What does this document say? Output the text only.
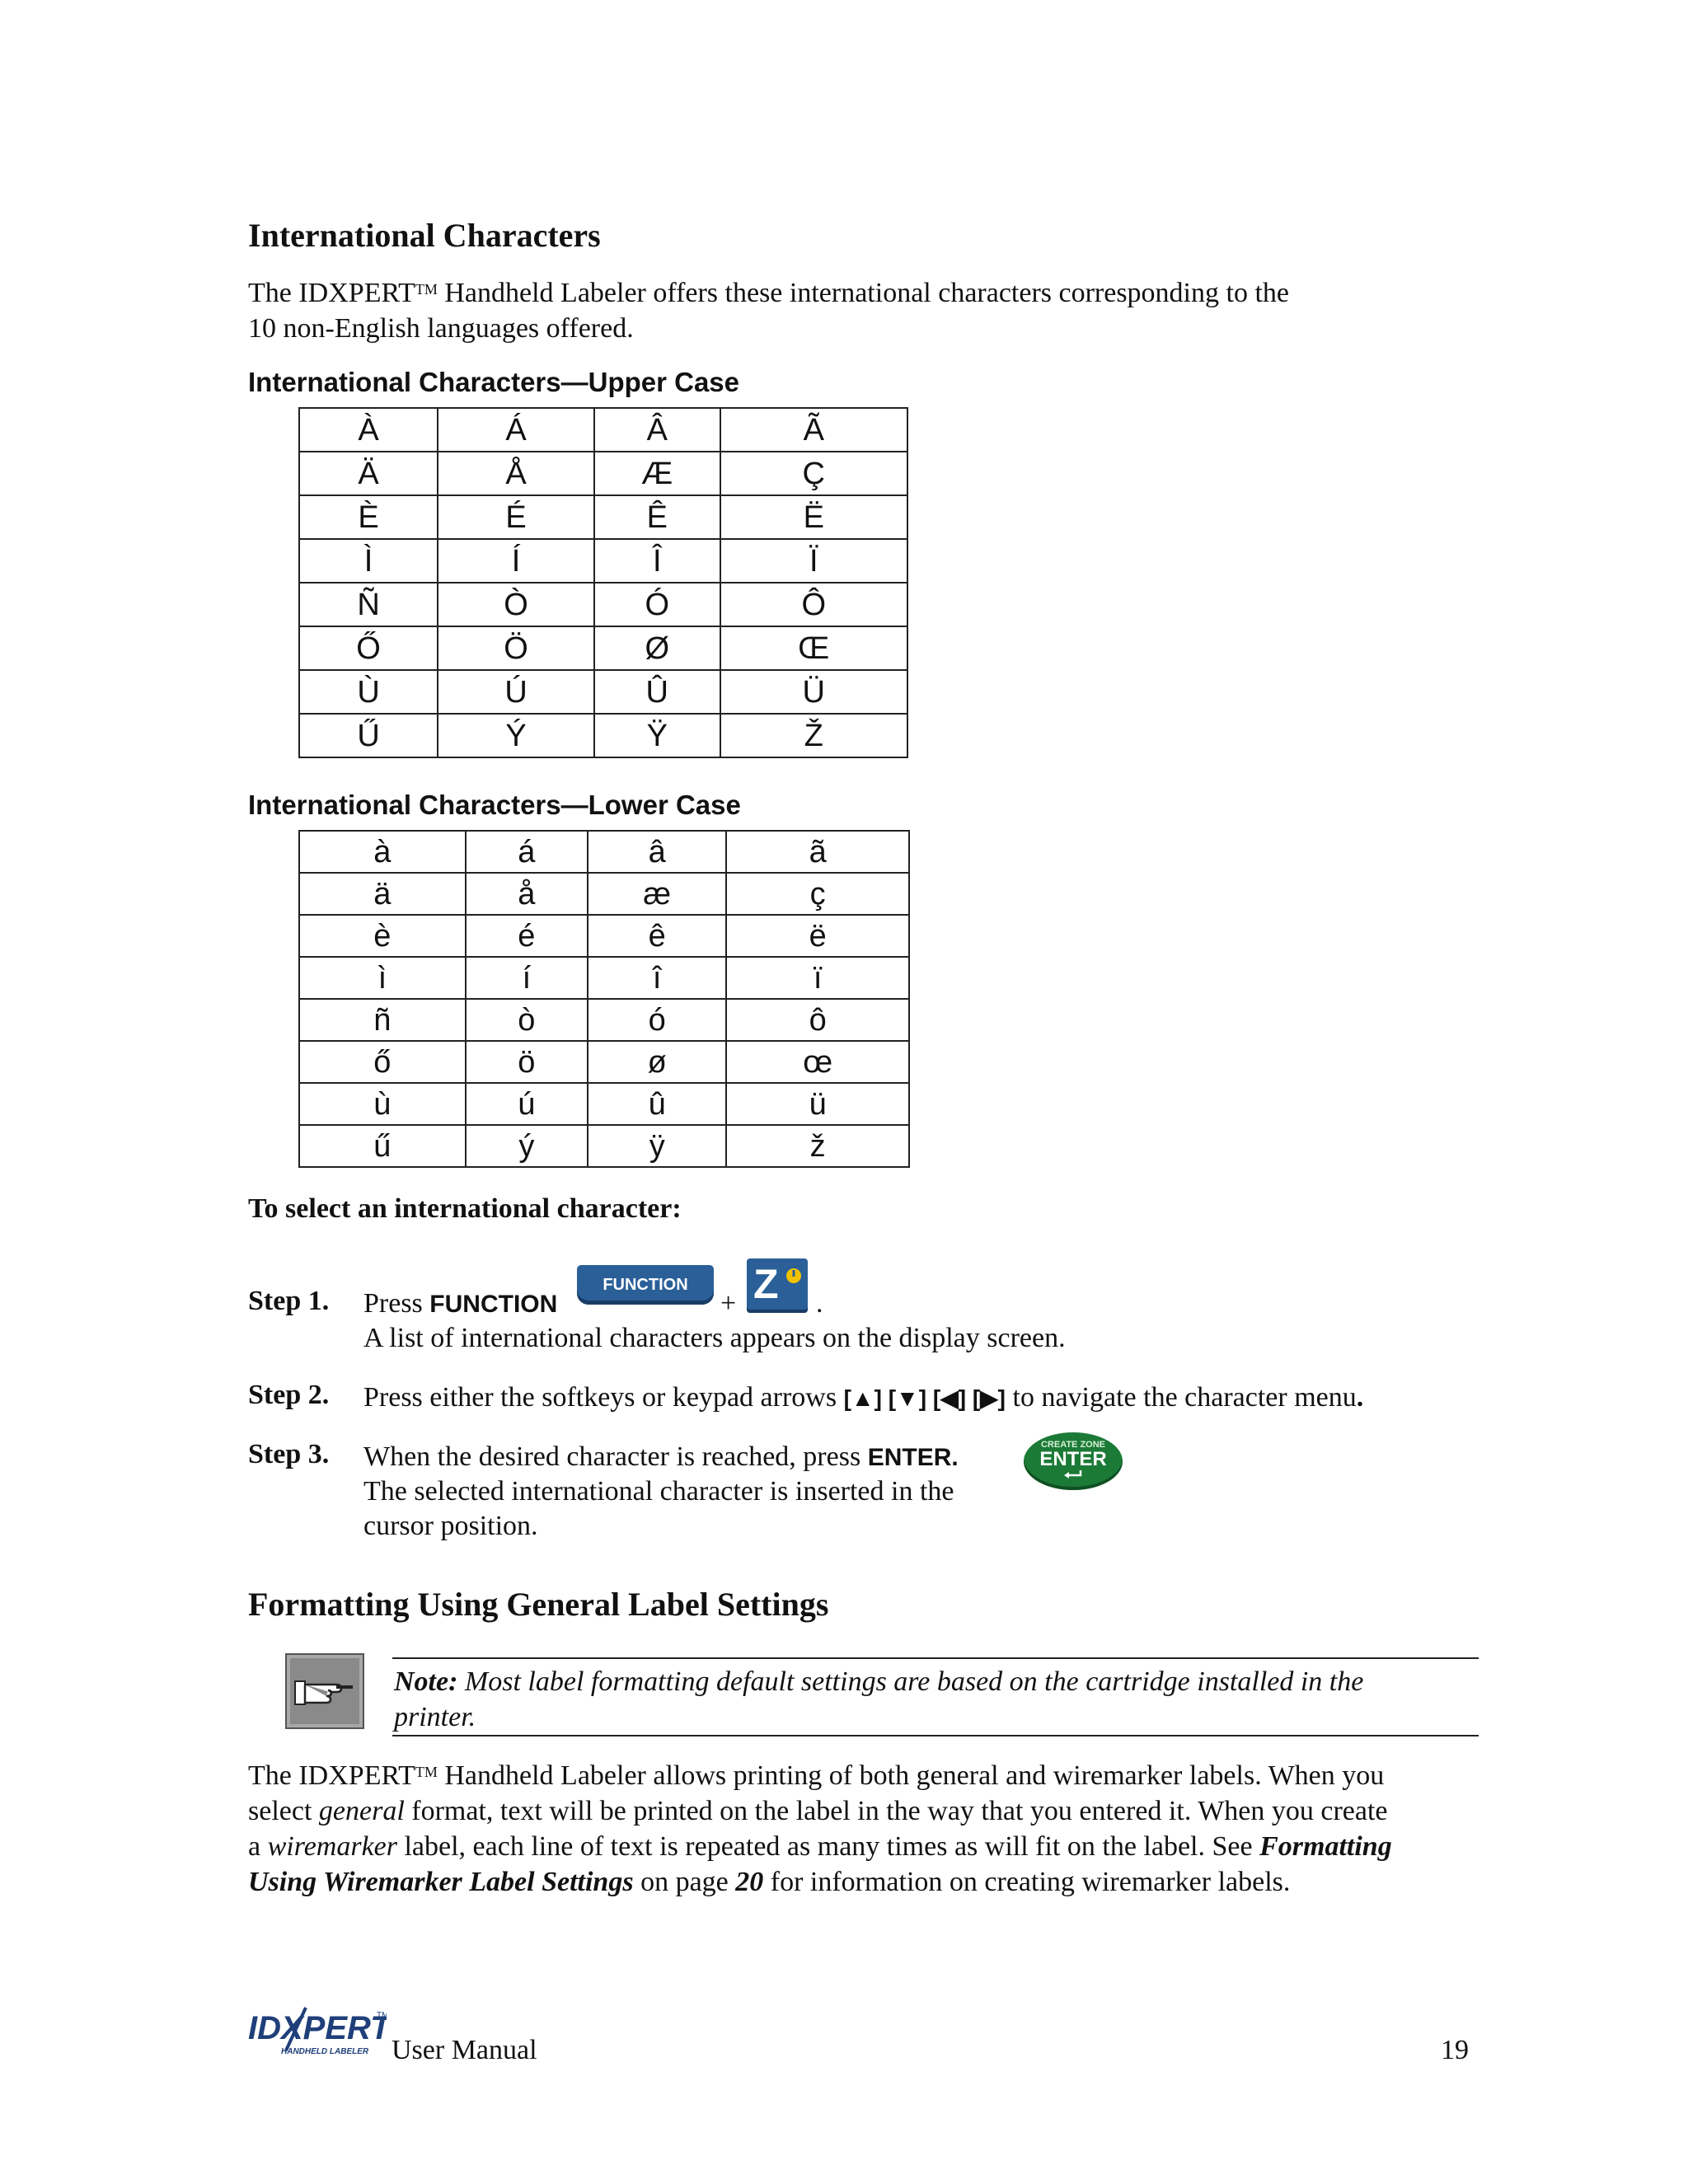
International Characters
The IDXPERT™ Handheld Labeler offers these international characters corresponding to the
10 non-English languages offered.
International Characters—Upper Case
À	Á	Â	Ã
Ä	Å	Æ	Ç
È	É	Ê	Ë
Ì	Í	Î	Ï
Ñ	Ò	Ó	Ô
Ő	Ö	Ø	Œ
Ù	Ú	Û	Ü
Ű	Ý	Ÿ	Ž
International Characters—Lower Case
à	á	â	ã
ä	å	æ	ç
è	é	ê	ë
ì	í	î	ï
ñ	ò	ó	ô
ő	ö	ø	œ
ù	ú	û	ü
ű	ý	ÿ	ž
To select an international character:
Step 1. Press FUNCTION
FUNCTION
+ Z .
A list of international characters appears on the display screen.
Step 2. Press either the softkeys or keypad arrows [▲] [▼] [◀] [▶] to navigate the character menu.
Step 3. When the desired character is reached, press ENTER.
The selected international character is inserted in the
cursor position.
CREATE ZONE
ENTER
Formatting Using General Label Settings
Note: Most label formatting default settings are based on the cartridge installed in the
printer.
The IDXPERT™ Handheld Labeler allows printing of both general and wiremarker labels. When you
select general format, text will be printed on the label in the way that you entered it. When you create
a wiremarker label, each line of text is repeated as many times as will fit on the label. See Formatting
Using Wiremarker Label Settings on page 20 for information on creating wiremarker labels.
IDXPERT
TM
HANDHELD LABELER User Manual	19
